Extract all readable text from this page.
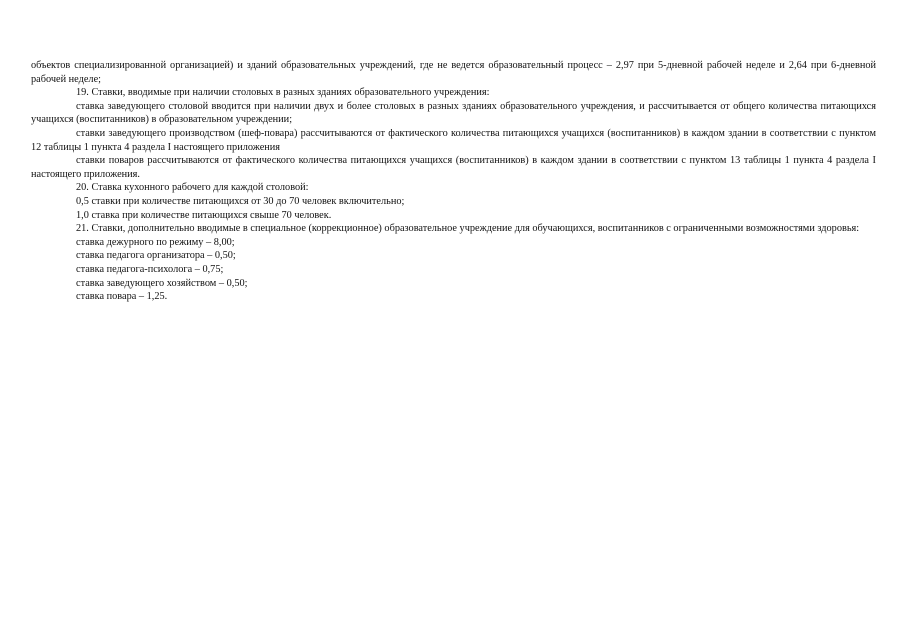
объектов специализированной организацией) и зданий образовательных учреждений, где не ведется образовательный процесс – 2,97 при 5-дневной рабочей неделе и 2,64 при 6-дневной рабочей неделе;

19. Ставки, вводимые при наличии столовых в разных зданиях образовательного учреждения:

ставка заведующего столовой вводится при наличии двух и более столовых в разных зданиях образовательного учреждения, и рассчитывается от общего количества питающихся учащихся (воспитанников) в образовательном учреждении;

ставки заведующего производством (шеф-повара) рассчитываются от фактического количества питающихся учащихся (воспитанников) в каждом здании в соответствии с пунктом 12 таблицы 1 пункта 4 раздела I настоящего приложения

ставки поваров рассчитываются от фактического количества питающихся учащихся (воспитанников) в каждом здании в соответствии с пунктом 13 таблицы 1 пункта 4 раздела I настоящего приложения.

20. Ставка кухонного рабочего для каждой столовой:

0,5 ставки при количестве питающихся от 30 до 70 человек включительно;

1,0 ставка при количестве питающихся свыше 70 человек.

21. Ставки, дополнительно вводимые в специальное (коррекционное) образовательное учреждение для обучающихся, воспитанников с ограниченными возможностями здоровья:

ставка дежурного по режиму – 8,00;

ставка педагога организатора – 0,50;

ставка педагога-психолога – 0,75;

ставка заведующего хозяйством – 0,50;

ставка повара – 1,25.
